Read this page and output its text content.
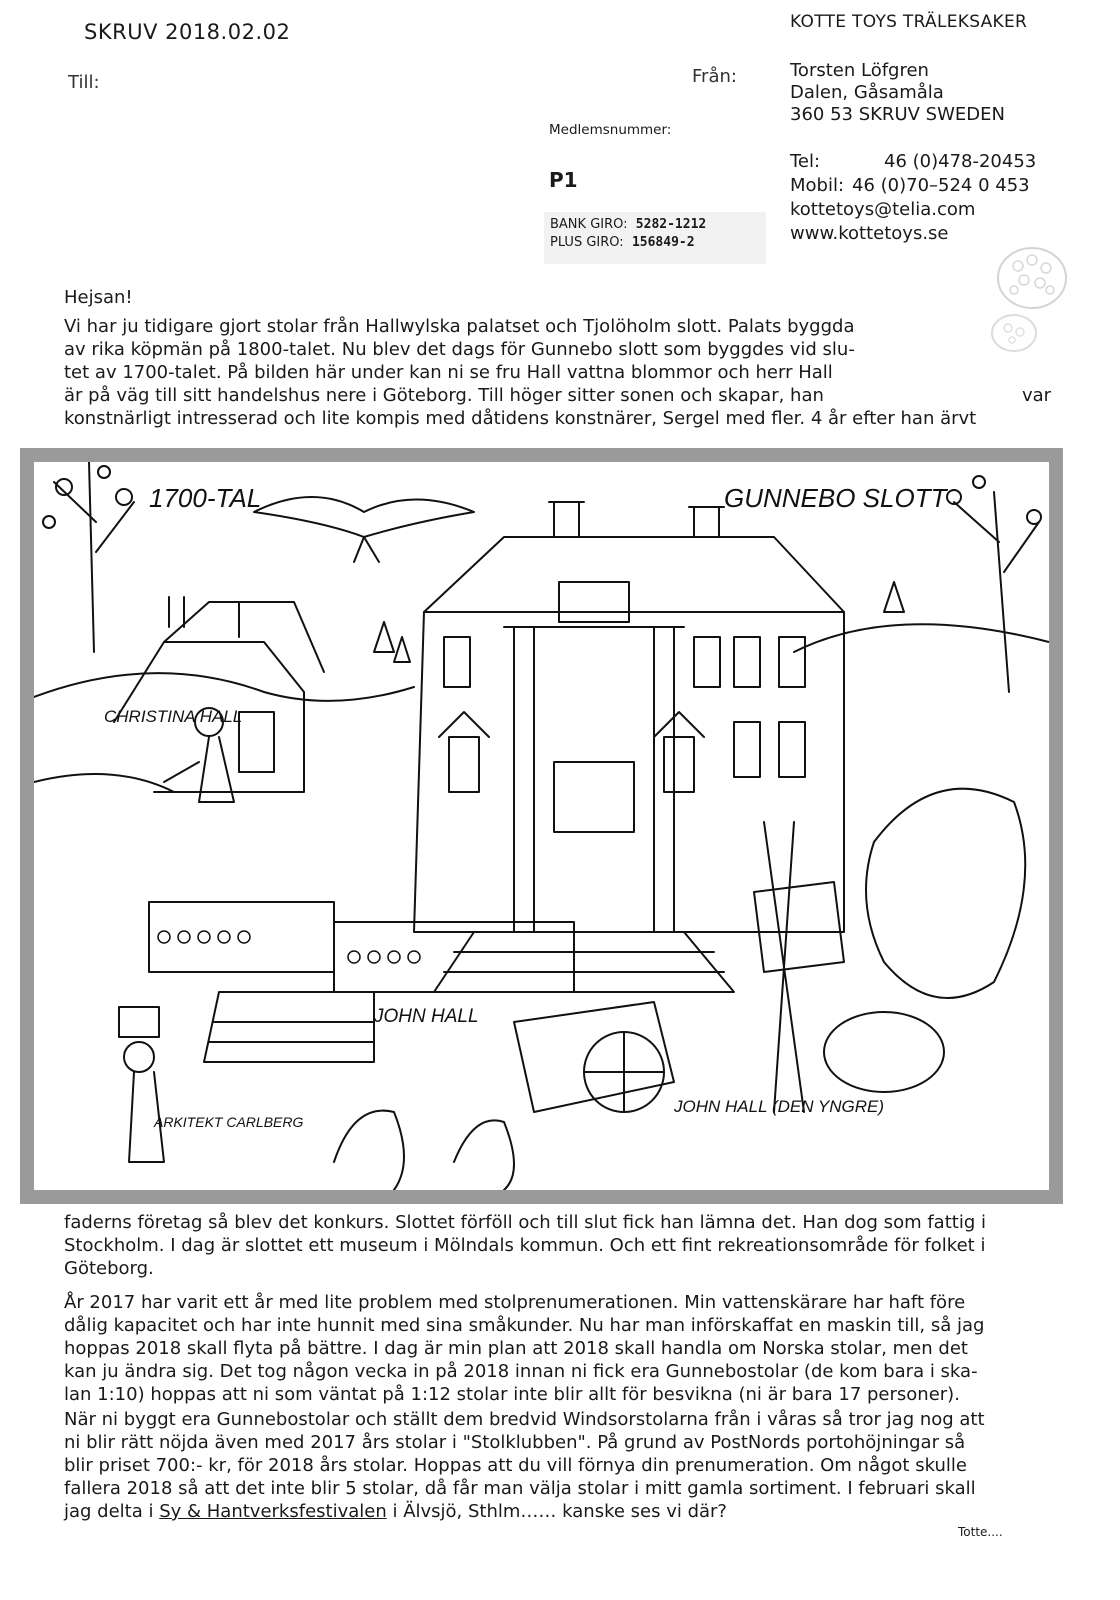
SKRUV 2018.02.02
Till:	Från:
KOTTE TOYS TRÄLEKSAKER
Torsten Löfgren
Dalen, Gåsamåla
360 53 SKRUV SWEDEN
Medlemsnummer:
P1
BANK GIRO: 5282-1212
PLUS GIRO: 156849-2
Tel:	46 (0)478-20453
Mobil: 46 (0)70–524 0 453
kottetoys@telia.com
www.kottetoys.se
Hejsan!

Vi har ju tidigare gjort stolar från Hallwylska palatset och Tjolöholm slott. Palats byggda

av rika köpmän på 1800-talet. Nu blev det dags för Gunnebo slott som byggdes vid slu-

tet av 1700-talet. På bilden här under kan ni se fru Hall vattna blommor och herr Hall

är på väg till sitt handelshus nere i Göteborg. Till höger sitter sonen och skapar, han	var

konstnärligt intresserad och lite kompis med dåtidens konstnärer, Sergel med fler. 4 år efter han ärvt

1700-TAL	GUNNEBO SLOTT
CHRISTINA HALL
JOHN HALL
ARKITEKT CARLBERG
JOHN HALL (DEN YNGRE)

faderns företag så blev det konkurs. Slottet förföll och till slut fick han lämna det. Han dog som fattig i

Stockholm. I dag är slottet ett museum i Mölndals kommun. Och ett fint rekreationsområde för folket i

Göteborg.

År 2017 har varit ett år med lite problem med stolprenumerationen. Min vattenskärare har haft före

dålig kapacitet och har inte hunnit med sina småkunder. Nu har man införskaffat en maskin till, så jag

hoppas 2018 skall flyta på bättre. I dag är min plan att 2018 skall handla om Norska stolar, men det

kan ju ändra sig. Det tog någon vecka in på 2018 innan ni fick era Gunnebostolar (de kom bara i ska-

lan 1:10) hoppas att ni som väntat på 1:12 stolar inte blir allt för besvikna (ni är bara 17 personer).

När ni byggt era Gunnebostolar och ställt dem bredvid Windsorstolarna från i våras så tror jag nog att

ni blir rätt nöjda även med 2017 års stolar i "Stolklubben". På grund av PostNords portohöjningar så

blir priset 700:- kr, för 2018 års stolar. Hoppas att du vill förnya din prenumeration. Om något skulle

fallera 2018 så att det inte blir 5 stolar, då får man välja stolar i mitt gamla sortiment. I februari skall

jag delta i Sy & Hantverksfestivalen i Älvsjö, Sthlm…… kanske ses vi där?

Totte....
